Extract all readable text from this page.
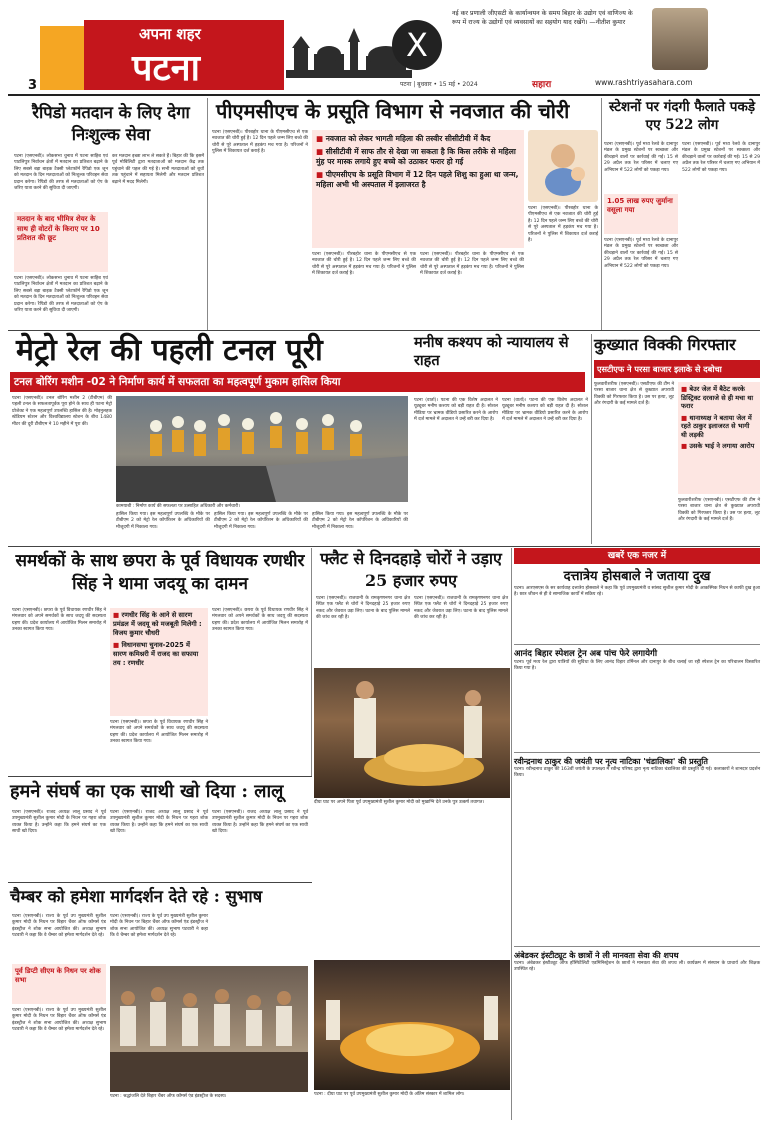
3
अपना शहर
पटना
X
नई कर प्रणाली जीएसटी के कार्यान्वयन के समय बिहार के उद्योग एवं वाणिज्य के रूप में राज्य के उद्योगों एवं व्यवसायों का सहयोग याद रखेंगे। —नीतीश कुमार
पटना | बुधवार • 15 मई • 2024	सहारा	www.rashtriyasahara.com
रैपिडो मतदान के लिए देगा निःशुल्क सेवा
पटना (एसएनबी)। लोकसभा चुनाव में पटना साहिब एवं पाटलिपुत्र निर्वाचन क्षेत्रों में मतदान का प्रतिशत बढ़ाने के लिए सबसे बड़ा बाइक टैक्सी प्लेटफॉर्म रैपिडो एक जून को मतदान के दिन मतदाताओं को निःशुल्क परिवहन सेवा प्रदान करेगा। रैपिडो की तरफ से मतदाताओं को ऐप के जरिए यात्रा करने की सुविधा दी जाएगी।
मतदान के बाद भीमित्र शेयर के साथ ही वोटरों के किराए पर 10 प्रतिशत की छूट
पटना (एसएनबी)। लोकसभा चुनाव में पटना साहिब एवं पाटलिपुत्र निर्वाचन क्षेत्रों में मतदान का प्रतिशत बढ़ाने के लिए सबसे बड़ा बाइक टैक्सी प्लेटफॉर्म रैपिडो एक जून को मतदान के दिन मतदाताओं को निःशुल्क परिवहन सेवा प्रदान करेगा। रैपिडो की तरफ से मतदाताओं को ऐप के जरिए यात्रा करने की सुविधा दी जाएगी।
कर मतदान इच्छा लाभ ले सकते हैं। बिहार की कि इसमें पूर्व मोबिलिटी द्वारा मतदाताओं को मतदान केंद्र तक पहुंचाने की पहल की गई है। सभी मतदाताओं को बूथों तक पहुंचाने में सहायता मिलेगी और मतदान प्रतिशत बढ़ाने में मदद मिलेगी।
पीएमसीएच के प्रसूति विभाग से नवजात की चोरी
पटना (एसएनबी)। पीरबहोर थाना के पीएमसीएच से एक नवजात की चोरी हुई है। 12 दिन पहले जन्म लिए बच्चे की चोरी से पूरे अस्पताल में हड़कंप मच गया है। परिजनों ने पुलिस में शिकायत दर्ज कराई है।
■ नवजात को लेकर भागती महिला की तस्वीर सीसीटीवी में कैद
■ सीसीटीवी में साफ तौर से देखा जा सकता है कि किस तरीके से महिला मुंह पर मास्क लगाये हुए बच्चे को उठाकर फरार हो गई
■ पीएमसीएच के प्रसूति विभाग में 12 दिन पहले शिशु का हुआ था जन्म, महिला अभी भी अस्पताल में इलाजरत है
पटना (एसएनबी)। पीरबहोर थाना के पीएमसीएच से एक नवजात की चोरी हुई है। 12 दिन पहले जन्म लिए बच्चे की चोरी से पूरे अस्पताल में हड़कंप मच गया है। परिजनों ने पुलिस में शिकायत दर्ज कराई है।
पटना (एसएनबी)। पीरबहोर थाना के पीएमसीएच से एक नवजात की चोरी हुई है। 12 दिन पहले जन्म लिए बच्चे की चोरी से पूरे अस्पताल में हड़कंप मच गया है। परिजनों ने पुलिस में शिकायत दर्ज कराई है।
पटना (एसएनबी)। पीरबहोर थाना के पीएमसीएच से एक नवजात की चोरी हुई है। 12 दिन पहले जन्म लिए बच्चे की चोरी से पूरे अस्पताल में हड़कंप मच गया है। परिजनों ने पुलिस में शिकायत दर्ज कराई है।
स्टेशनों पर गंदगी फैलाते पकड़े एए 522 लोग
पटना (एसएनबी)। पूर्व मध्य रेलवे के दानापुर मंडल के प्रमुख स्टेशनों पर स्वच्छता और कीचड़ाने वालों पर कार्रवाई की गई। 15 से 29 अप्रैल तक रेल परिसर में चलाए गए अभियान में 522 लोगों को पकड़ा गया।
1.05 लाख रुपए जुर्माना वसूला गया
पटना (एसएनबी)। पूर्व मध्य रेलवे के दानापुर मंडल के प्रमुख स्टेशनों पर स्वच्छता और कीचड़ाने वालों पर कार्रवाई की गई। 15 से 29 अप्रैल तक रेल परिसर में चलाए गए अभियान में 522 लोगों को पकड़ा गया।
पटना (एसएनबी)। पूर्व मध्य रेलवे के दानापुर मंडल के प्रमुख स्टेशनों पर स्वच्छता और कीचड़ाने वालों पर कार्रवाई की गई। 15 से 29 अप्रैल तक रेल परिसर में चलाए गए अभियान में 522 लोगों को पकड़ा गया।
मेट्रो रेल की पहली टनल पूरी
टनल बोरिंग मशीन -02 ने निर्माण कार्य में सफलता का महत्वपूर्ण मुकाम हासिल किया
पटना (एसएनबी)। टनल बोरिंग मशीन 2 (टीबीएम) की पहली टनल के सफलतापूर्वक पूरा होने के साथ ही पटना मेट्रो प्रोजेक्ट ने एक महत्वपूर्ण उपलब्धि हासिल की है। मोइनुलहक स्टेडियम स्टेशन और विश्वविद्यालय स्टेशन के बीच 1480 मीटर की दूरी टीबीएम ने 10 महीने में पूरा की।
कामयाबी : निर्माण कार्य की सफलता पर उत्साहित अधिकारी और कर्मचारी।
हासिल किया गया। इस महत्वपूर्ण उपलब्धि के मौके पर टीबीएम 2 को मेट्रो रेल कॉर्पोरेशन के अधिकारियों की मौजूदगी में निकाला गया।
हासिल किया गया। इस महत्वपूर्ण उपलब्धि के मौके पर टीबीएम 2 को मेट्रो रेल कॉर्पोरेशन के अधिकारियों की मौजूदगी में निकाला गया।
हासिल किया गया। इस महत्वपूर्ण उपलब्धि के मौके पर टीबीएम 2 को मेट्रो रेल कॉर्पोरेशन के अधिकारियों की मौजूदगी में निकाला गया।
मनीष कश्यप को न्यायालय से राहत
पटना (वार्ता)। पटना की एक विशेष अदालत ने यूट्यूबर मनीष कश्यप को बड़ी राहत दी है। सोशल मीडिया पर भ्रामक वीडियो प्रसारित करने के आरोप में दर्ज मामले में अदालत ने उन्हें बरी कर दिया है।
पटना (वार्ता)। पटना की एक विशेष अदालत ने यूट्यूबर मनीष कश्यप को बड़ी राहत दी है। सोशल मीडिया पर भ्रामक वीडियो प्रसारित करने के आरोप में दर्ज मामले में अदालत ने उन्हें बरी कर दिया है।
कुख्यात विक्की गिरफ्तार
एसटीएफ ने परसा बाजार इलाके से दबोचा
फुलवारीशरीफ (एसएनबी)। एसटीएफ की टीम ने परसा बाजार थाना क्षेत्र से कुख्यात अपराधी विक्की को गिरफ्तार किया है। उस पर हत्या, लूट और रंगदारी के कई मामले दर्ज हैं।
■ बेउर जेल में बैठेट करके डिस्ट्रिक्ट दरवाजे से ही मचा था फरार
■ थानाध्यक्ष ने बताया जेल में रहते ठाकुर इलाजरत से भागी थी लड़की
■ उसके भाई ने लगाया आरोप
फुलवारीशरीफ (एसएनबी)। एसटीएफ की टीम ने परसा बाजार थाना क्षेत्र से कुख्यात अपराधी विक्की को गिरफ्तार किया है। उस पर हत्या, लूट और रंगदारी के कई मामले दर्ज हैं।
समर्थकों के साथ छपरा के पूर्व विधायक रणधीर सिंह ने थामा जदयू का दामन
पटना (एसएनबी)। छपरा के पूर्व विधायक रणधीर सिंह ने मंगलवार को अपने समर्थकों के साथ जदयू की सदस्यता ग्रहण की। प्रदेश कार्यालय में आयोजित मिलन समारोह में उनका स्वागत किया गया।
■ रणधीर सिंह के आने से सारण प्रमंडल में जदयू को मजबूती मिलेगी : विजय कुमार चौधरी
■ विधानसभा चुनाव-2025 में सारण कमिश्नरी में राजद का सफाया तय : रणधीर
पटना (एसएनबी)। छपरा के पूर्व विधायक रणधीर सिंह ने मंगलवार को अपने समर्थकों के साथ जदयू की सदस्यता ग्रहण की। प्रदेश कार्यालय में आयोजित मिलन समारोह में उनका स्वागत किया गया।
पटना (एसएनबी)। छपरा के पूर्व विधायक रणधीर सिंह ने मंगलवार को अपने समर्थकों के साथ जदयू की सदस्यता ग्रहण की। प्रदेश कार्यालय में आयोजित मिलन समारोह में उनका स्वागत किया गया।
फ्लैट से दिनदहाड़े चोरों ने उड़ाए 25 हजार रुपए
पटना (एसएनबी)। राजधानी के रामकृष्णनगर थाना क्षेत्र स्थित एक फ्लैट से चोरों ने दिनदहाड़े 25 हजार रुपए नकद और जेवरात उड़ा लिए। घटना के बाद पुलिस मामले की जांच कर रही है।
पटना (एसएनबी)। राजधानी के रामकृष्णनगर थाना क्षेत्र स्थित एक फ्लैट से चोरों ने दिनदहाड़े 25 हजार रुपए नकद और जेवरात उड़ा लिए। घटना के बाद पुलिस मामले की जांच कर रही है।
दीघा घाट पर अपने पिता पूर्व उपमुख्यमंत्री सुशील कुमार मोदी को मुखाग्नि देते उनके पुत्र उत्कर्ष तथागत।
हमने संघर्ष का एक साथी खो दिया : लालू
पटना (एसएनबी)। राजद अध्यक्ष लालू प्रसाद ने पूर्व उपमुख्यमंत्री सुशील कुमार मोदी के निधन पर गहरा शोक व्यक्त किया है। उन्होंने कहा कि हमने संघर्ष का एक साथी खो दिया।
पटना (एसएनबी)। राजद अध्यक्ष लालू प्रसाद ने पूर्व उपमुख्यमंत्री सुशील कुमार मोदी के निधन पर गहरा शोक व्यक्त किया है। उन्होंने कहा कि हमने संघर्ष का एक साथी खो दिया।
पटना (एसएनबी)। राजद अध्यक्ष लालू प्रसाद ने पूर्व उपमुख्यमंत्री सुशील कुमार मोदी के निधन पर गहरा शोक व्यक्त किया है। उन्होंने कहा कि हमने संघर्ष का एक साथी खो दिया।
चैम्बर को हमेशा मार्गदर्शन देते रहे : सुभाष
पटना (एसएनबी)। राज्य के पूर्व उप मुख्यमंत्री सुशील कुमार मोदी के निधन पर बिहार चैंबर ऑफ कॉमर्स एंड इंडस्ट्रीज ने शोक सभा आयोजित की। अध्यक्ष सुभाष पटवारी ने कहा कि वे चैम्बर को हमेशा मार्गदर्शन देते रहे।
पूर्व डिप्टी सीएम के निधन पर शोक सभा
पटना (एसएनबी)। राज्य के पूर्व उप मुख्यमंत्री सुशील कुमार मोदी के निधन पर बिहार चैंबर ऑफ कॉमर्स एंड इंडस्ट्रीज ने शोक सभा आयोजित की। अध्यक्ष सुभाष पटवारी ने कहा कि वे चैम्बर को हमेशा मार्गदर्शन देते रहे।
पटना (एसएनबी)। राज्य के पूर्व उप मुख्यमंत्री सुशील कुमार मोदी के निधन पर बिहार चैंबर ऑफ कॉमर्स एंड इंडस्ट्रीज ने शोक सभा आयोजित की। अध्यक्ष सुभाष पटवारी ने कहा कि वे चैम्बर को हमेशा मार्गदर्शन देते रहे।
पटना : श्रद्धांजलि देते बिहार चैंबर ऑफ कॉमर्स एंड इंडस्ट्रीज के सदस्य।	पटना : दीघा घाट पर पूर्व उपमुख्यमंत्री सुशील कुमार मोदी के अंतिम संस्कार में शामिल लोग।
खबरें एक नजर में
दत्तात्रेय होसबाले ने जताया दुख
पटना। आरएसएस के सर कार्यवाह दत्तात्रेय होसबाले ने कहा कि पूर्व उपमुख्यमंत्री व सांसद सुशील कुमार मोदी के आकस्मिक निधन से काफी दुख हुआ है। छात्र जीवन से ही वे सामाजिक कार्यों में सक्रिय रहे।
आनंद बिहार स्पेशल ट्रेन अब पांच फेरे लगायेगी
पटना। पूर्व मध्य रेल द्वारा यात्रियों की सुविधा के लिए आनंद विहार टर्मिनल और दानापुर के बीच चलाई जा रही स्पेशल ट्रेन का परिचालन विस्तारित किया गया है।
रवीन्द्रनाथ ठाकुर की जयंती पर नृत्य नाटिका 'चंडालिका' की प्रस्तुति
पटना। रवीन्द्रनाथ ठाकुर की 163वीं जयंती के उपलक्ष्य में रवीन्द्र परिषद द्वारा नृत्य नाटिका चंडालिका की प्रस्तुति दी गई। कलाकारों ने शानदार प्रदर्शन किया।
अंबेडकर इंस्टीट्यूट के छात्रों ने ली मानवता सेवा की शपथ
पटना। अंबेडकर इंस्टीट्यूट ऑफ हॉस्पिटैलिटी एडमिनिस्ट्रेशन के छात्रों ने मानवता सेवा की शपथ ली। कार्यक्रम में संस्थान के प्राचार्य और शिक्षक उपस्थित रहे।
